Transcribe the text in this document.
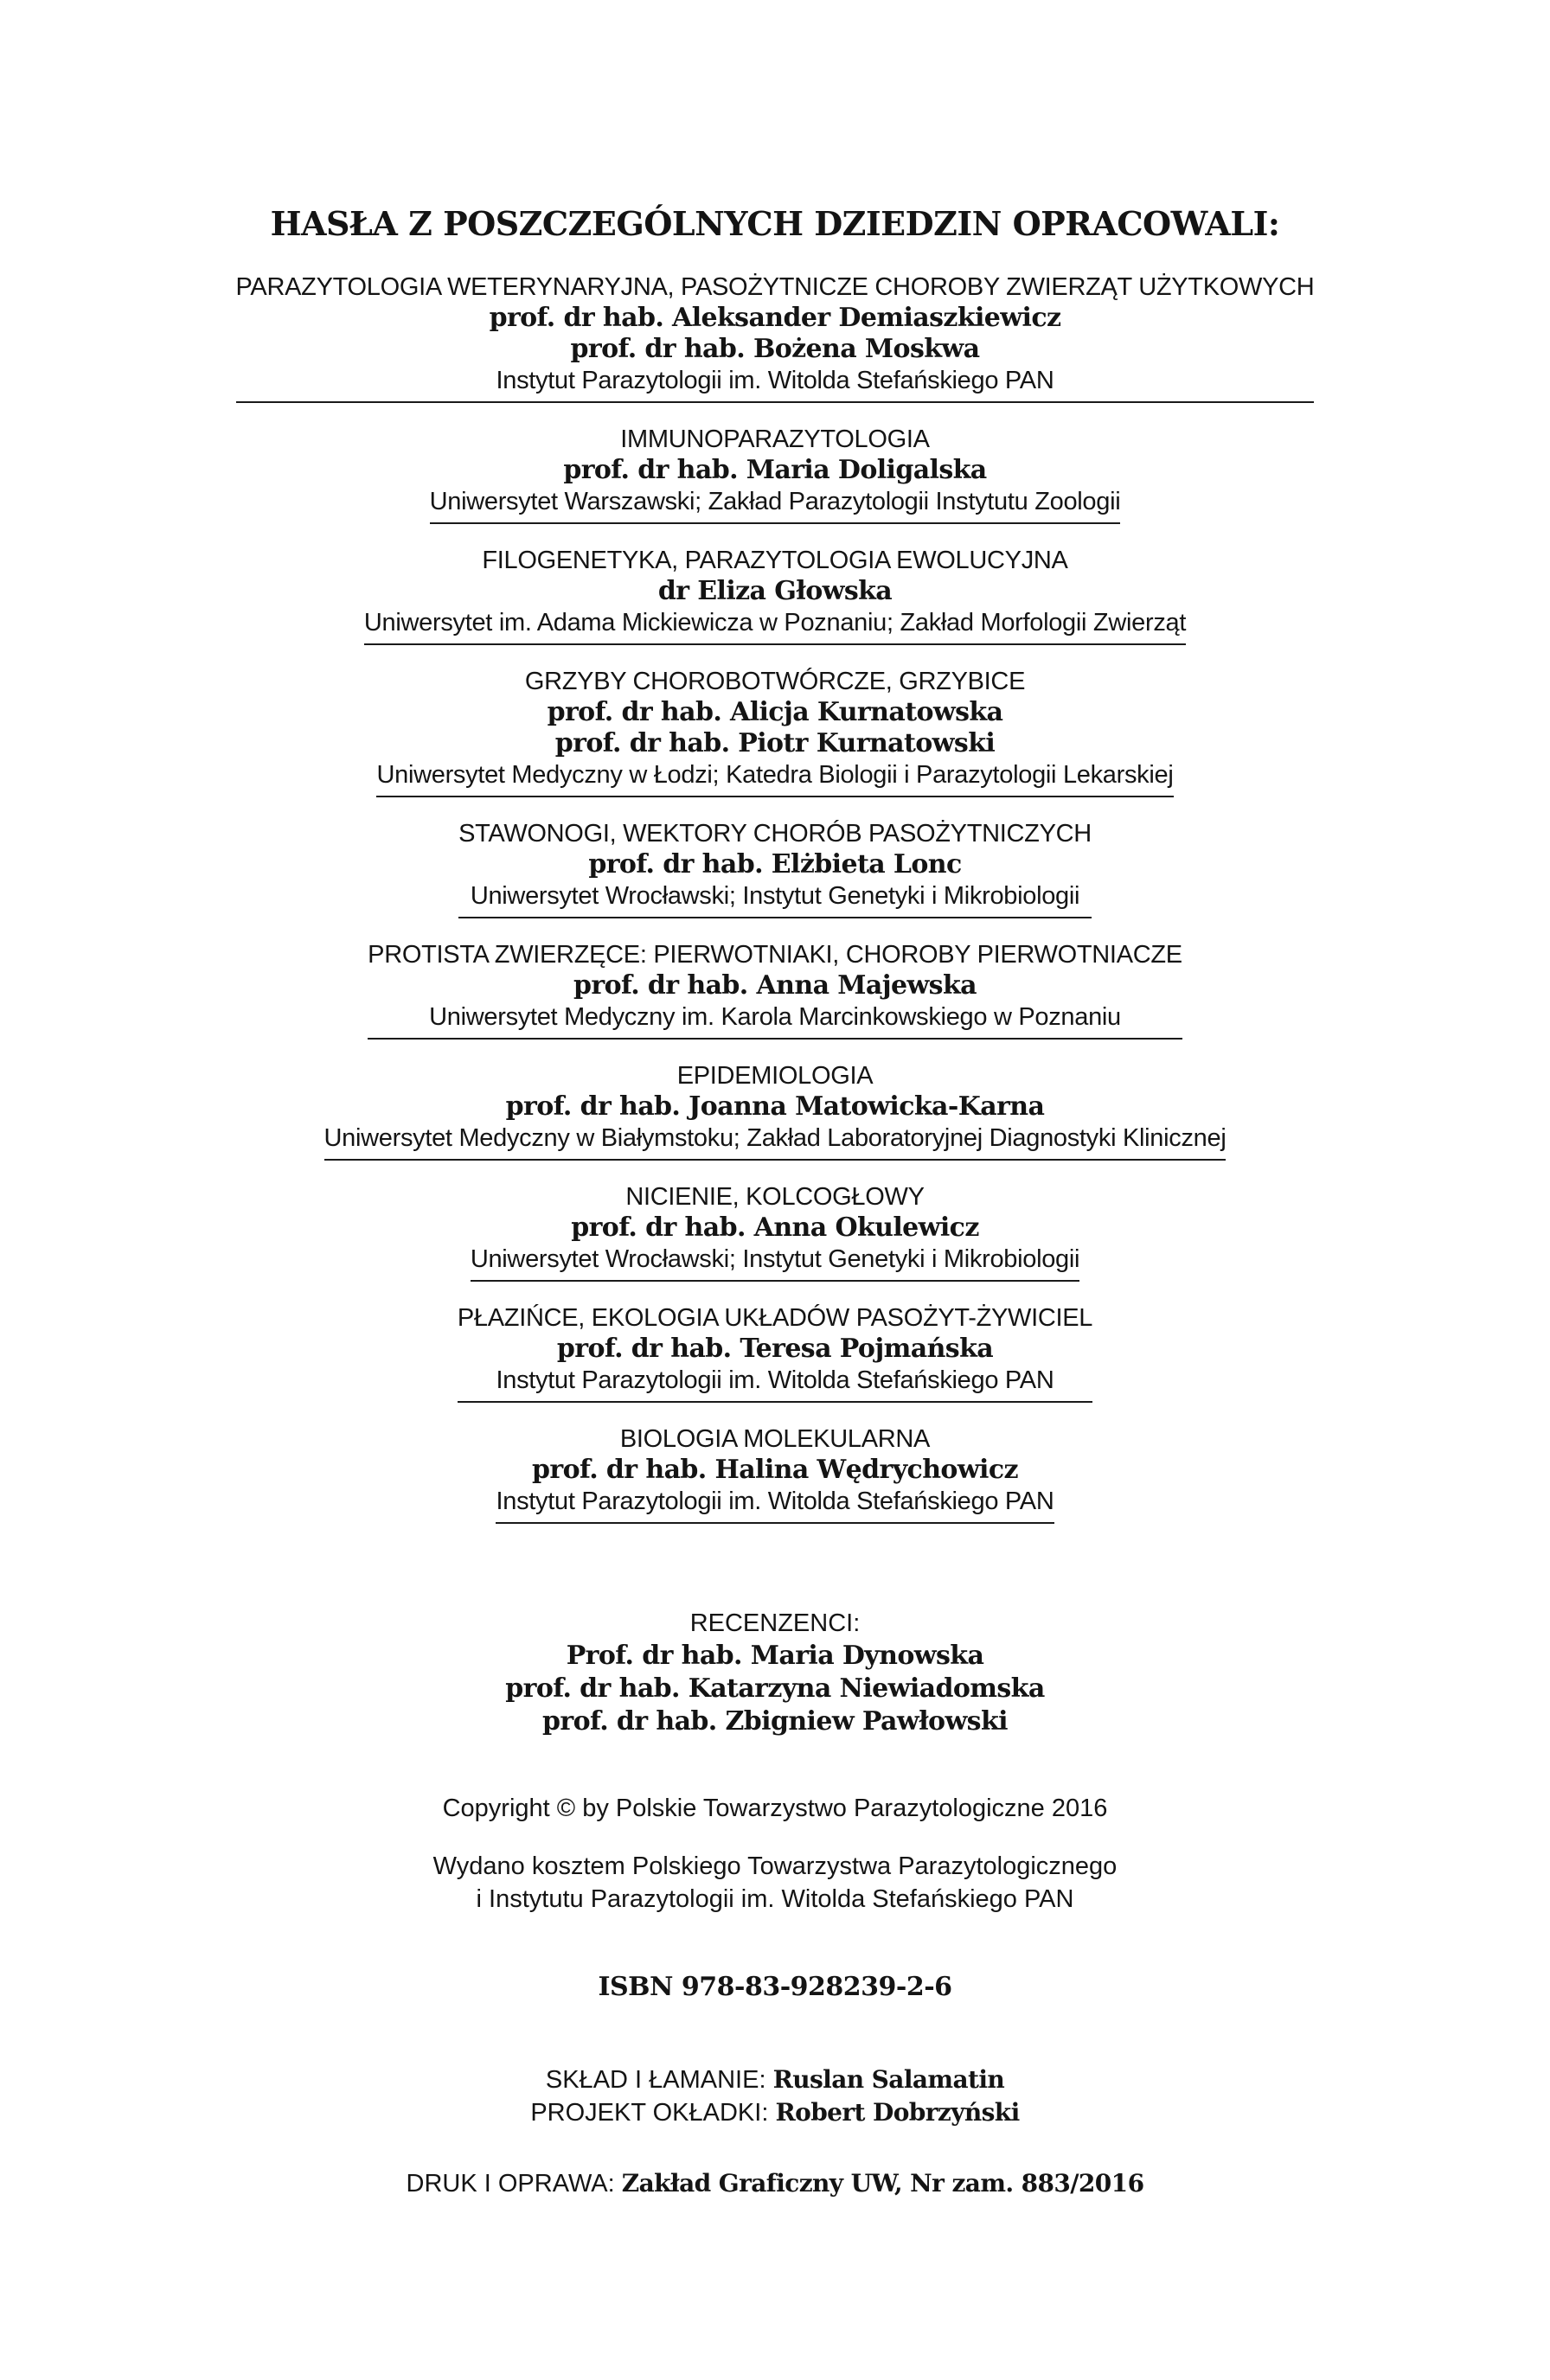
HASŁA Z POSZCZEGÓLNYCH DZIEDZIN OPRACOWALI:
PARAZYTOLOGIA WETERYNARYJNA, PASOŻYTNICZE CHOROBY ZWIERZĄT UŻYTKOWYCH
prof. dr hab. Aleksander Demiaszkiewicz
prof. dr hab. Bożena Moskwa
Instytut Parazytologii im. Witolda Stefańskiego PAN
IMMUNOPARAZYTOLOGIA
prof. dr hab. Maria Doligalska
Uniwersytet Warszawski; Zakład Parazytologii Instytutu Zoologii
FILOGENETYKA, PARAZYTOLOGIA EWOLUCYJNA
dr Eliza Głowska
Uniwersytet im. Adama Mickiewicza w Poznaniu; Zakład Morfologii Zwierząt
GRZYBY CHOROBOTWÓRCZE, GRZYBICE
prof. dr hab. Alicja Kurnatowska
prof. dr hab. Piotr Kurnatowski
Uniwersytet Medyczny w Łodzi; Katedra Biologii i Parazytologii Lekarskiej
STAWONOGI, WEKTORY CHORÓB PASOŻYTNICZYCH
prof. dr hab. Elżbieta Lonc
Uniwersytet Wrocławski; Instytut Genetyki i Mikrobiologii
PROTISTA ZWIERZĘCE: PIERWOTNIAKI, CHOROBY PIERWOTNIACZE
prof. dr hab. Anna Majewska
Uniwersytet Medyczny im. Karola Marcinkowskiego w Poznaniu
EPIDEMIOLOGIA
prof. dr hab. Joanna Matowicka-Karna
Uniwersytet Medyczny w Białymstoku; Zakład Laboratoryjnej Diagnostyki Klinicznej
NICIENIE, KOLCOGŁOWY
prof. dr hab. Anna Okulewicz
Uniwersytet Wrocławski; Instytut Genetyki i Mikrobiologii
PŁAZIŃCE, EKOLOGIA UKŁADÓW PASOŻYT-ŻYWICIEL
prof. dr hab. Teresa Pojmańska
Instytut Parazytologii im. Witolda Stefańskiego PAN
BIOLOGIA MOLEKULARNA
prof. dr hab. Halina Wędrychowicz
Instytut Parazytologii im. Witolda Stefańskiego PAN
RECENZENCI:
Prof. dr hab. Maria Dynowska
prof. dr hab. Katarzyna Niewiadomska
prof. dr hab. Zbigniew Pawłowski
Copyright © by Polskie Towarzystwo Parazytologiczne 2016
Wydano kosztem Polskiego Towarzystwa Parazytologicznego
i Instytutu Parazytologii im. Witolda Stefańskiego PAN
ISBN 978-83-928239-2-6
SKŁAD I ŁAMANIE: Ruslan Salamatin
PROJEKT OKŁADKI: Robert Dobrzyński
DRUK I OPRAWA: Zakład Graficzny UW, Nr zam. 883/2016
